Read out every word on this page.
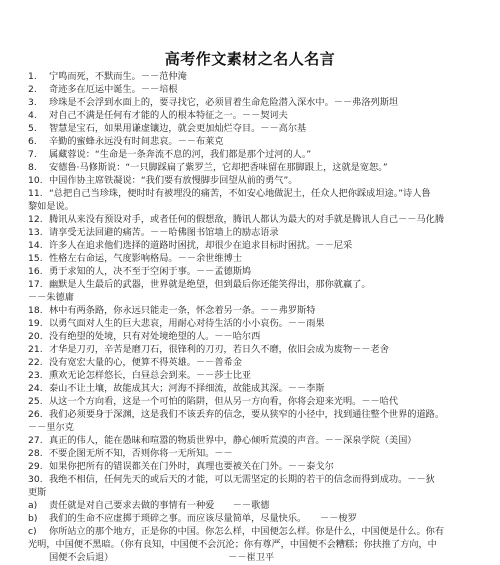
高考作文素材之名人名言
1.	宁鸣而死，不默而生。－－范仲淹
2.	奇迹多在厄运中诞生。－－培根
3.	珍珠是不会浮到水面上的，要寻找它，必须冒着生命危险潜入深水中。－－弗洛列斯坦
4.	对自己不满是任何有才能的人的根本特征之一。－－契诃夫
5.	智慧是宝石，如果用谦虚镶边，就会更加灿烂夺目。－－高尔基
6.	辛勤的蜜蜂永远没有时间悲哀。－－布莱克
7.	属藏蓉说：“生命是一条奔流不息的河，我们都是那个过河的人。”
8.	安德鲁·马修斯说：“一只脚踩扁了紫罗兰，它却把香味留在那脚跟上，这就是宽恕。”
10. 中国作协主席铁凝说：“我们要有放慢脚步回望从前的勇气”。
11. “总把自己当珍珠，便时时有被埋没的痛苦，不如安心地做泥土，任众人把你踩成坦途。”诗人鲁
黎如是说。
12. 腾讯从来没有预设对手，或者任何的假想敌，腾讯人都认为最大的对手就是腾讯人自己－－马化腾
13. 请享受无法回避的痛苦。－－哈佛图书馆墙上的励志语录
14. 许多人在追求他们选择的道路时困扰，却很少在追求目标时困扰。－－尼采
15. 性格左右命运，气度影响格局。－－余世维博士
16. 勇于求知的人，决不至于空闲于事。－－孟德斯鸠
17. 幽默是人生最后的武器，世界就是绝望，但到最后你还能笑得出，那你就赢了。
－－朱德庸
18. 林中有两条路，你永远只能走一条，怀念着另一条。－－弗罗斯特
19. 以勇气面对人生的巨大悲哀，用耐心对待生活的小小哀伤。－－雨果
20. 没有绝望的处境，只有对处境绝望的人。－－哈尔西
21. 才华是刀刃，辛苦是磨刀石，很锋利的刀刃，若日久不磨，依旧会成为废物－－老舍
22. 没有宽宏大量的心，便算不得英雄。－－普希金
23. 熏欢无论怎样悠长，白昼总会到来。－－莎士比亚
24. 泰山不让土壤，故能成其大；河海不择细流，故能成其深。－－李斯
25. 从这一个方向看，这是一个可怕的陷阱，但从另一方向看，你将会迎来光明。－－哈代
26. 我们必须要身于深渊，这是我们不该丢弃的信念，要从狭窄的小径中，找到通往整个世界的道路。
－－里尔克
27. 真正的伟人，能在愚昧和喧嚣的物质世界中，静心倾听荒漠的声音。－－深泉学院（美国）
28. 不要企图无所不知，否则你将一无所知。－－
29. 如果你把所有的错误都关在门外时，真理也要被关在门外。－－泰戈尔
30. 我绝不相信，任何先天的或后天的才能，可以无需坚定的长期的若干的信念而得到成功。－－狄
更斯
a)	责任就是对自己要求去做的事情有一种爱　　－－歌德
b)	我们的生命不应虚掷于琐碎之事。而应该尽量简单，尽量快乐。　　－－梭罗
c)	你所站立的那个地方，正是你的中国。你怎么样，中国便怎么样。你是什么，中国便是什么。你有
光明，中国便不黑暗。（你有良知，中国便不会沉沦；你有尊严，中国便不会糟糕；你扶推了方向，中
国便不会后退）　　　　　　　　　　　　　－－崔卫平
